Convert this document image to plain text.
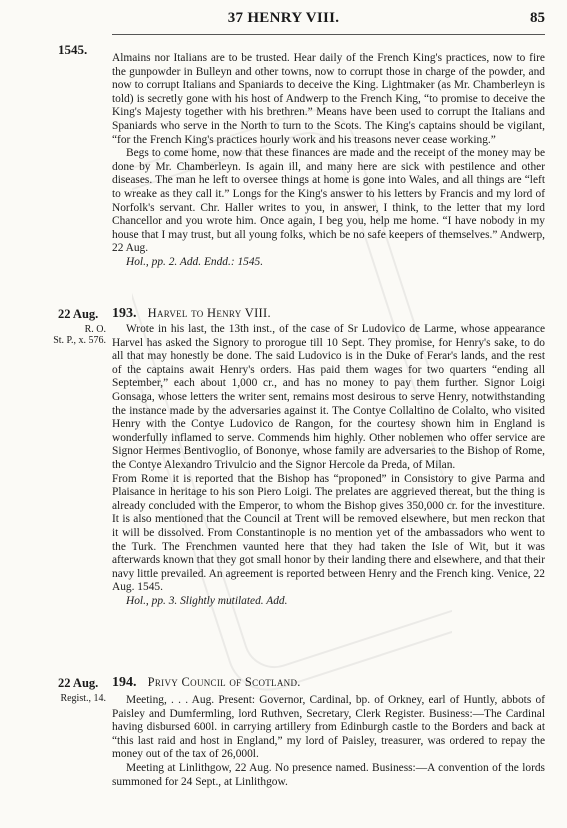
37 HENRY VIII.	85
1545.

Almains nor Italians are to be trusted. Hear daily of the French King's practices, now to fire the gunpowder in Bulleyn and other towns, now to corrupt those in charge of the powder, and now to corrupt Italians and Spaniards to deceive the King. Lightmaker (as Mr. Chamberleyn is told) is secretly gone with his host of Andwerp to the French King, “to promise to deceive the King's Majesty together with his brethren.” Means have been used to corrupt the Italians and Spaniards who serve in the North to turn to the Scots. The King's captains should be vigilant, “for the French King's practices hourly work and his treasons never cease working.”

Begs to come home, now that these finances are made and the receipt of the money may be done by Mr. Chamberleyn. Is again ill, and many here are sick with pestilence and other diseases. The man he left to oversee things at home is gone into Wales, and all things are “left to wreake as they call it.” Longs for the King's answer to his letters by Francis and my lord of Norfolk's servant. Chr. Haller writes to you, in answer, I think, to the letter that my lord Chancellor and you wrote him. Once again, I beg you, help me home. “I have nobody in my house that I may trust, but all young folks, which be no safe keepers of themselves.” Andwerp, 22 Aug.

Hol., pp. 2. Add. Endd.: 1545.

22 Aug.
R. O.
St. P., x. 576.
193. Harvel to Henry VIII.

Wrote in his last, the 13th inst., of the case of Sr Ludovico de Larme, whose appearance Harvel has asked the Signory to prorogue till 10 Sept. They promise, for Henry's sake, to do all that may honestly be done. The said Ludovico is in the Duke of Ferar's lands, and the rest of the captains await Henry's orders. Has paid them wages for two quarters “ending all September,” each about 1,000 cr., and has no money to pay them further. Signor Loigi Gonsaga, whose letters the writer sent, remains most desirous to serve Henry, notwithstanding the instance made by the adversaries against it. The Contye Collaltino de Colalto, who visited Henry with the Contye Ludovico de Rangon, for the courtesy shown him in England is wonderfully inflamed to serve. Commends him highly. Other noblemen who offer service are Signor Hermes Bentivoglio, of Bononye, whose family are adversaries to the Bishop of Rome, the Contye Alexandro Trivulcio and the Signor Hercole da Preda, of Milan.

From Rome it is reported that the Bishop has “proponed” in Consistory to give Parma and Plaisance in heritage to his son Piero Loigi. The prelates are aggrieved thereat, but the thing is already concluded with the Emperor, to whom the Bishop gives 350,000 cr. for the investiture. It is also mentioned that the Council at Trent will be removed elsewhere, but men reckon that it will be dissolved. From Constantinople is no mention yet of the ambassadors who went to the Turk. The Frenchmen vaunted here that they had taken the Isle of Wit, but it was afterwards known that they got small honor by their landing there and elsewhere, and that their navy little prevailed. An agreement is reported between Henry and the French king. Venice, 22 Aug. 1545.

Hol., pp. 3. Slightly mutilated. Add.

22 Aug.
Regist., 14.
194. Privy Council of Scotland.

Meeting, . . . Aug. Present: Governor, Cardinal, bp. of Orkney, earl of Huntly, abbots of Paisley and Dumfermling, lord Ruthven, Secretary, Clerk Register. Business:—The Cardinal having disbursed 600l. in carrying artillery from Edinburgh castle to the Borders and back at “this last raid and host in England,” my lord of Paisley, treasurer, was ordered to repay the money out of the tax of 26,000l.

Meeting at Linlithgow, 22 Aug. No presence named. Business:—A convention of the lords summoned for 24 Sept., at Linlithgow.
